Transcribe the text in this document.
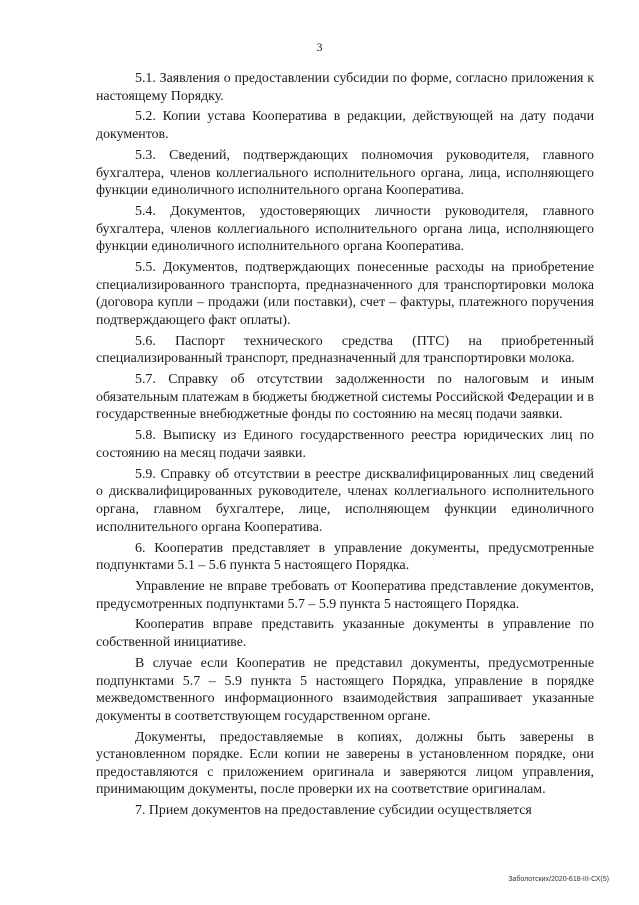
3

5.1. Заявления о предоставлении субсидии по форме, согласно приложения к настоящему Порядку.

5.2. Копии устава Кооператива в редакции, действующей на дату подачи документов.

5.3. Сведений, подтверждающих полномочия руководителя, главного бухгалтера, членов коллегиального исполнительного органа, лица, исполняющего функции единоличного исполнительного органа Кооператива.

5.4. Документов, удостоверяющих личности руководителя, главного бухгалтера, членов коллегиального исполнительного органа лица, исполняющего функции единоличного исполнительного органа Кооператива.

5.5. Документов, подтверждающих понесенные расходы на приобретение специализированного транспорта, предназначенного для транспортировки молока (договора купли – продажи (или поставки), счет – фактуры, платежного поручения подтверждающего факт оплаты).

5.6. Паспорт технического средства (ПТС) на приобретенный специализированный транспорт, предназначенный для транспортировки молока.

5.7. Справку об отсутствии задолженности по налоговым и иным обязательным платежам в бюджеты бюджетной системы Российской Федерации и в государственные внебюджетные фонды по состоянию на месяц подачи заявки.

5.8. Выписку из Единого государственного реестра юридических лиц по состоянию на месяц подачи заявки.

5.9. Справку об отсутствии в реестре дисквалифицированных лиц сведений о дисквалифицированных руководителе, членах коллегиального исполнительного органа, главном бухгалтере, лице, исполняющем функции единоличного исполнительного органа Кооператива.

6. Кооператив представляет в управление документы, предусмотренные подпунктами 5.1 – 5.6 пункта 5 настоящего Порядка.

Управление не вправе требовать от Кооператива представление документов, предусмотренных подпунктами 5.7 – 5.9 пункта 5 настоящего Порядка.

Кооператив вправе представить указанные документы в управление по собственной инициативе.

В случае если Кооператив не представил документы, предусмотренные подпунктами 5.7 – 5.9 пункта 5 настоящего Порядка, управление в порядке межведомственного информационного взаимодействия запрашивает указанные документы в соответствующем государственном органе.

Документы, предоставляемые в копиях, должны быть заверены в установленном порядке. Если копии не заверены в установленном порядке, они предоставляются с приложением оригинала и заверяются лицом управления, принимающим документы, после проверки их на соответствие оригиналам.

7. Прием документов на предоставление субсидии осуществляется

Заболотских/2020-618-III-СХ(5)
